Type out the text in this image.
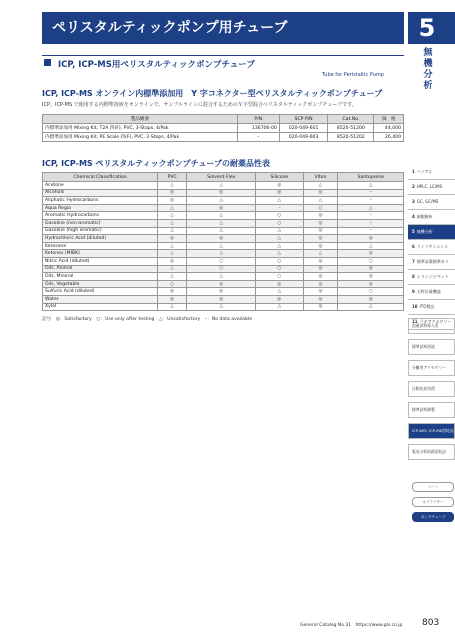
ペリスタルティックポンプ用チューブ
Tube for Peristaltic Pump	5
無機分析
ICP, ICP-MS用ペリスタルティックポンプチューブ
Tube for Peristaltic Pump
ICP, ICP-MS オンライン内標準添加用　Y 字コネクター型ペリスタルティックポンプチューブ
ICP、ICP-MS で使用する内標準溶液をオンラインで、サンプルラインに混合するためのＹ字型混合ペリスタルティックポンプチューブです。
製品概要	P/N	SCP P/N	Cat.No.	価　格
内標準添加用 Mixing Kit, T2A 四(F), PVC, 3-Stops, 4/Pak	136706-00	020-049-601	8520-51200	44,000
内標準添加用 Mixing Kit, PE Scale 四(F), PVC, 2-Stops, 4/Pak	–	020-049-603	8520-51202	26,400
ICP, ICP-MS ペリスタルティックポンプチューブの耐薬品性表
Chemical Classification	PVC	Solvent Flex	Silicone	Viton	Santoprene
Acetone	△	△	◎	△	△
Alcohols	◎	◎	◎	◎	–
Aliphatic Hydrocarbons	◎	△	△	△	–
Aqua Regia	△	◎	–	○	△
Aromatic Hydrocarbons	△	△	○	◎	–
Gasoline (non-aromatic)	△	△	○	◎	–
Gasoline (high aromatic)	△	△	△	◎	–
Hydrochloric Acid (diluted)	◎	◎	△	◎	◎
Kerosene	△	△	△	◎	△
Ketones (MIBK)	△	△	△	△	◎
Nitric Acid (diluted)	◎	○	○	◎	○
Oils, Animal	△	○	○	◎	◎
Oils, Mineral	△	△	○	◎	◎
Oils, Vegetable	○	◎	◎	◎	◎
Sulfuric Acid (diluted)	◎	◎	△	◎	○
Water	◎	◎	◎	◎	◎
Xylol	△	△	△	◎	△
記号　◎：Satisfactory　○：Use only after testing　△：Unsatisfactory　–：No data available
1 バイアル
2 HPLC, LC/MS
3 GC, GC/MS
4 細胞解析
5 無機分析
6 ライフサイエンス
7 標準試薬標準ガス
8 シリンジピペット
9 天秤計量機器
10 ITO製品
11 ラボアクセサリー
流量試料導入系
標準試料溶液
分離用アクセサリー
自動化前処理
標準試料調製
ICP-AES, ICP-MS消耗品
電気分析流路消耗品
コーン
ネブライザー
ポンプチューブ
General Catalog No.31　https://www.gls.co.jp 803
